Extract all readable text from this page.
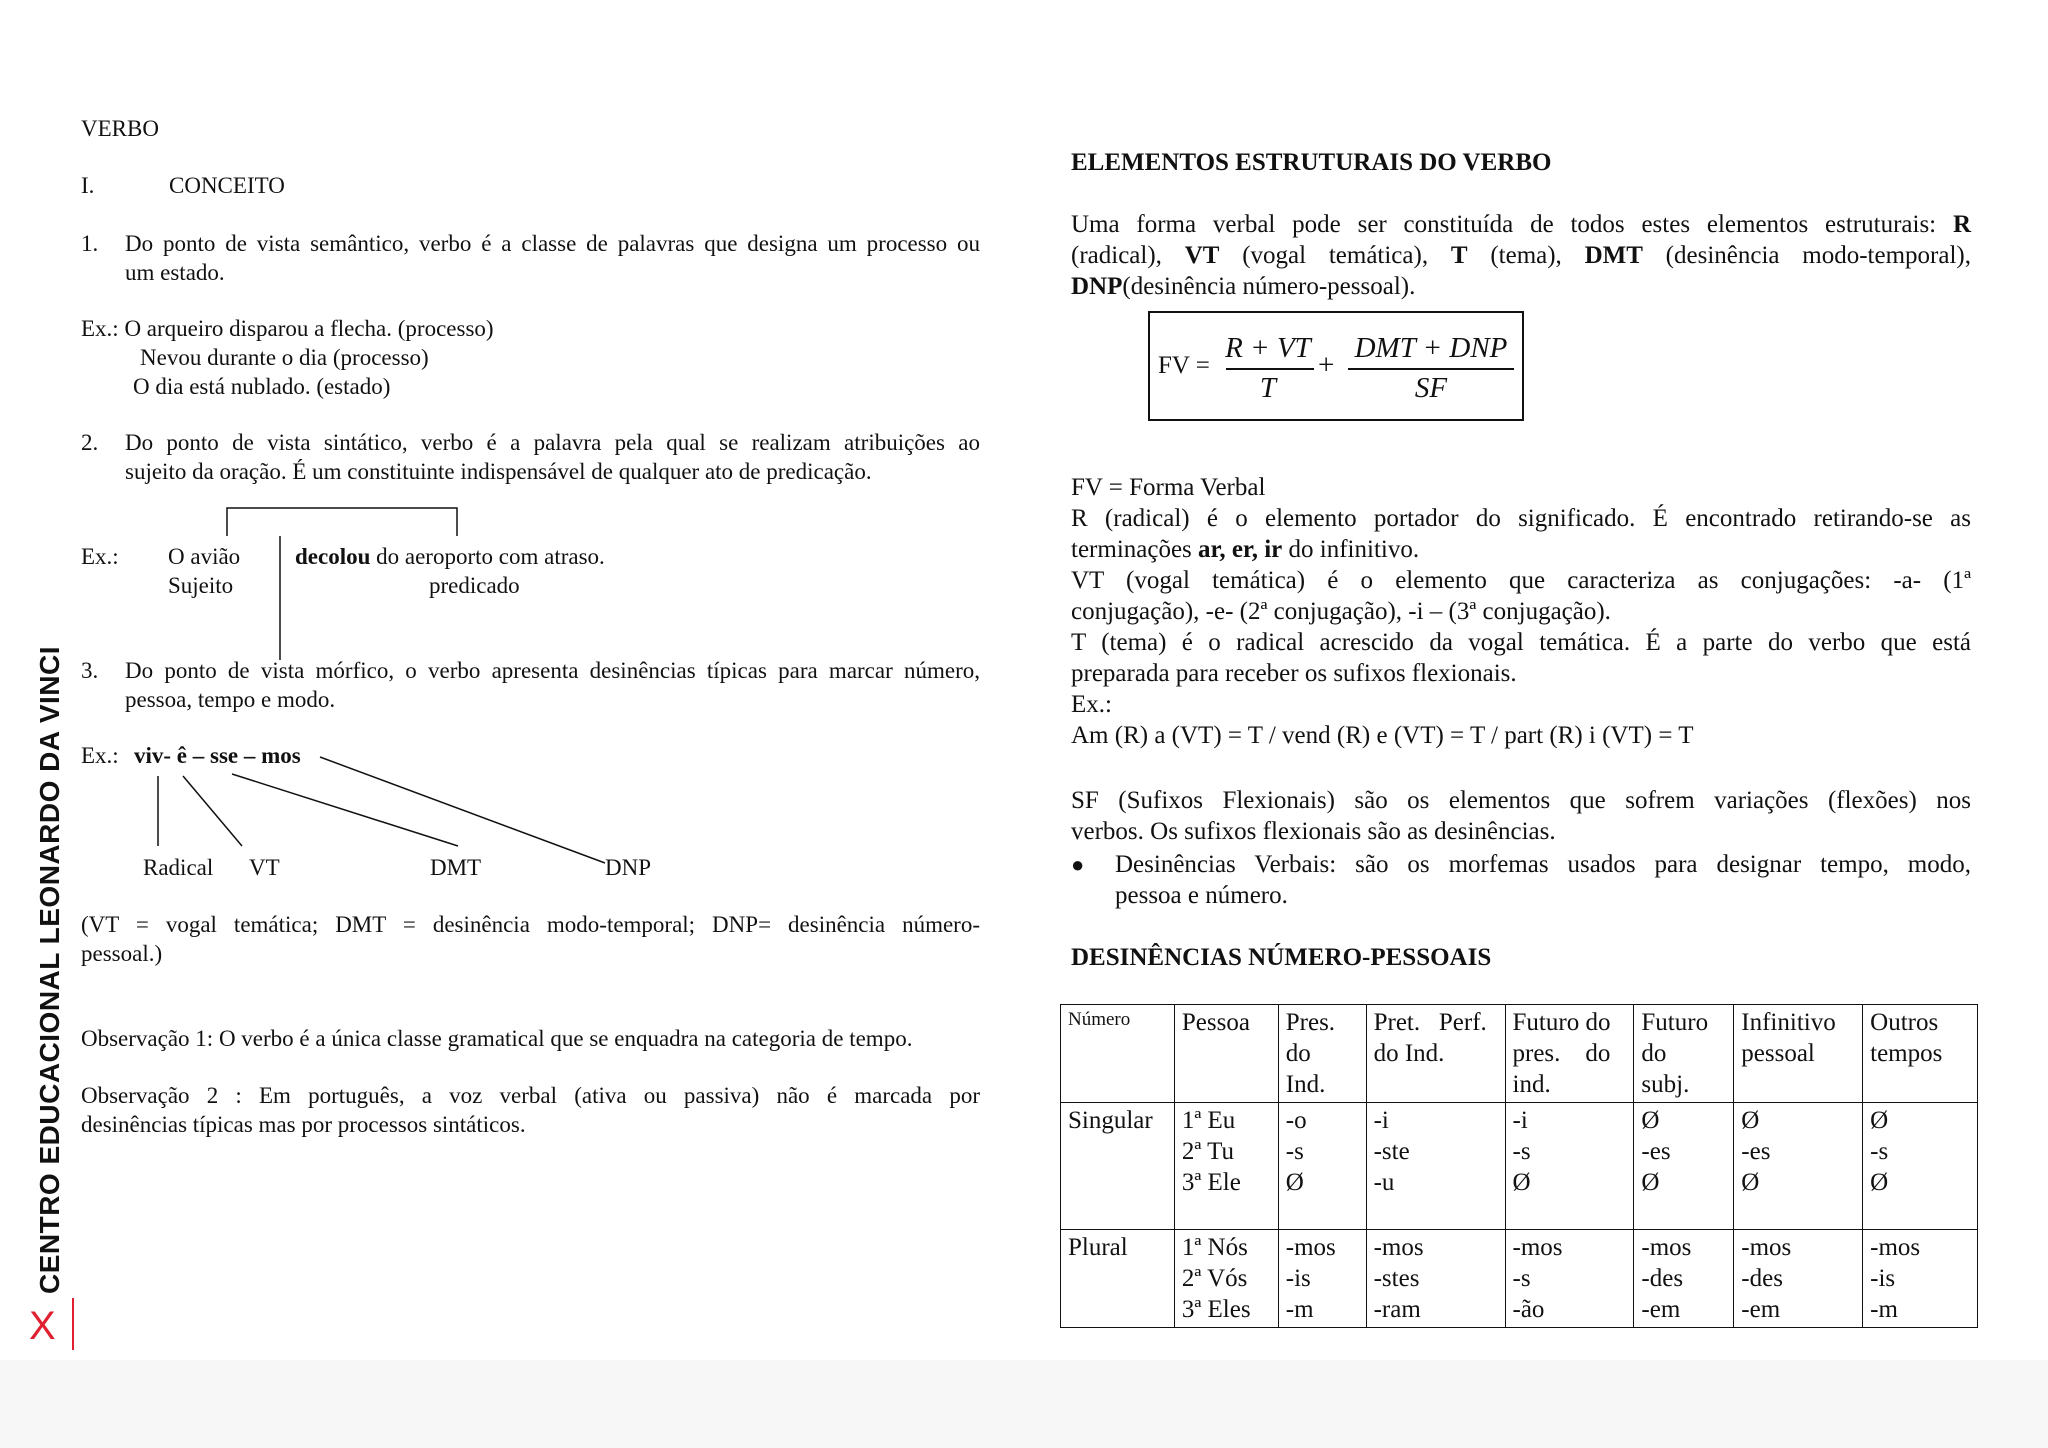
CENTRO EDUCACIONAL LEONARDO DA VINCI
X
VERBO
I.	CONCEITO
1. Do ponto de vista semântico, verbo é a classe de palavras que designa um processo ou
um estado.
Ex.: O arqueiro disparou a flecha. (processo)
Nevou durante o dia (processo)
O dia está nublado. (estado)
2. Do ponto de vista sintático, verbo é a palavra pela qual se realizam atribuições ao
sujeito da oração. É um constituinte indispensável de qualquer ato de predicação.
Ex.: O avião decolou do aeroporto com atraso.
Sujeito	predicado
3. Do ponto de vista mórfico, o verbo apresenta desinências típicas para marcar número,
pessoa, tempo e modo.
Ex.: viv- ê – sse – mos
Radical VT	DMT	DNP
(VT = vogal temática; DMT = desinência modo-temporal; DNP= desinência número-
pessoal.)
Observação 1: O verbo é a única classe gramatical que se enquadra na categoria de tempo.
Observação 2 : Em português, a voz verbal (ativa ou passiva) não é marcada por
desinências típicas mas por processos sintáticos.
ELEMENTOS ESTRUTURAIS DO VERBO
Uma forma verbal pode ser constituída de todos estes elementos estruturais: R
(radical), VT (vogal temática), T (tema), DMT (desinência modo-temporal),
DNP(desinência número-pessoal).
FV =
R + VT
T
+
DMT + DNP
SF
FV = Forma Verbal
R (radical) é o elemento portador do significado. É encontrado retirando-se as
terminações ar, er, ir do infinitivo.
VT (vogal temática) é o elemento que caracteriza as conjugações: -a- (1ª
conjugação), -e- (2ª conjugação), -i – (3ª conjugação).
T (tema) é o radical acrescido da vogal temática. É a parte do verbo que está
preparada para receber os sufixos flexionais.
Ex.:
Am (R) a (VT) = T / vend (R) e (VT) = T / part (R) i (VT) = T
SF (Sufixos Flexionais) são os elementos que sofrem variações (flexões) nos
verbos. Os sufixos flexionais são as desinências.
● Desinências Verbais: são os morfemas usados para designar tempo, modo,
pessoa e número.
DESINÊNCIAS NÚMERO-PESSOAIS
Número	Pessoa	Pres.
do
Ind.	Pret.   Perf.
do Ind.	Futuro do
pres.    do
ind.	Futuro
do
subj.	Infinitivo
pessoal	Outros
tempos
Singular	1ª Eu
2ª Tu
3ª Ele	-o
-s
Ø	-i
-ste
-u	-i
-s
Ø	Ø
-es
Ø	Ø
-es
Ø	Ø
-s
Ø
Plural	1ª Nós
2ª Vós
3ª Eles	-mos
-is
-m	-mos
-stes
-ram	-mos
-s
-ão	-mos
-des
-em	-mos
-des
-em	-mos
-is
-m
